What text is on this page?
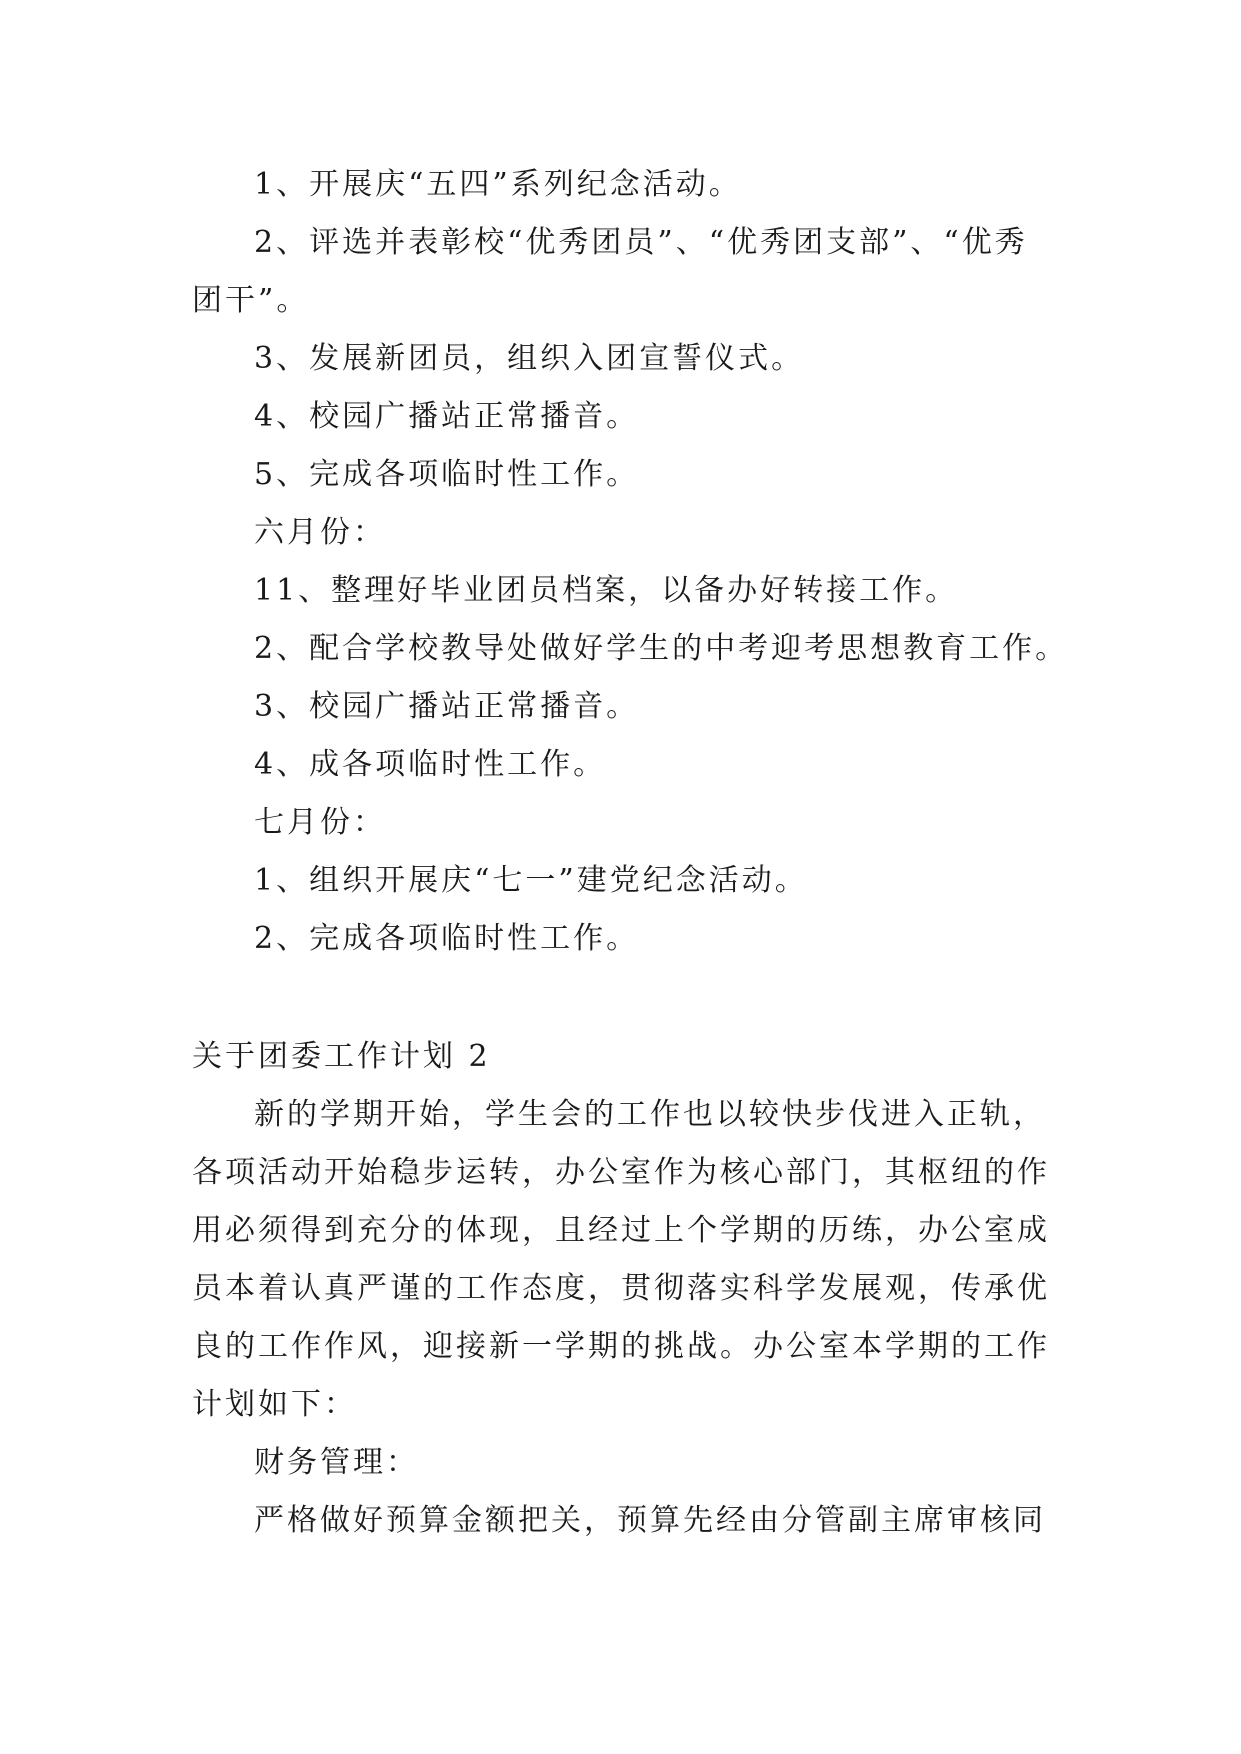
1、开展庆“五四”系列纪念活动。
2、评选并表彰校“优秀团员”、“优秀团支部”、“优秀
团干”。
3、发展新团员，组织入团宣誓仪式。
4、校园广播站正常播音。
5、完成各项临时性工作。
六月份：
11、整理好毕业团员档案，以备办好转接工作。
2、配合学校教导处做好学生的中考迎考思想教育工作。
3、校园广播站正常播音。
4、成各项临时性工作。
七月份：
1、组织开展庆“七一”建党纪念活动。
2、完成各项临时性工作。
关于团委工作计划 2
新的学期开始，学生会的工作也以较快步伐进入正轨，
各项活动开始稳步运转，办公室作为核心部门，其枢纽的作
用必须得到充分的体现，且经过上个学期的历练，办公室成
员本着认真严谨的工作态度，贯彻落实科学发展观，传承优
良的工作作风，迎接新一学期的挑战。办公室本学期的工作
计划如下：
财务管理：
严格做好预算金额把关，预算先经由分管副主席审核同
